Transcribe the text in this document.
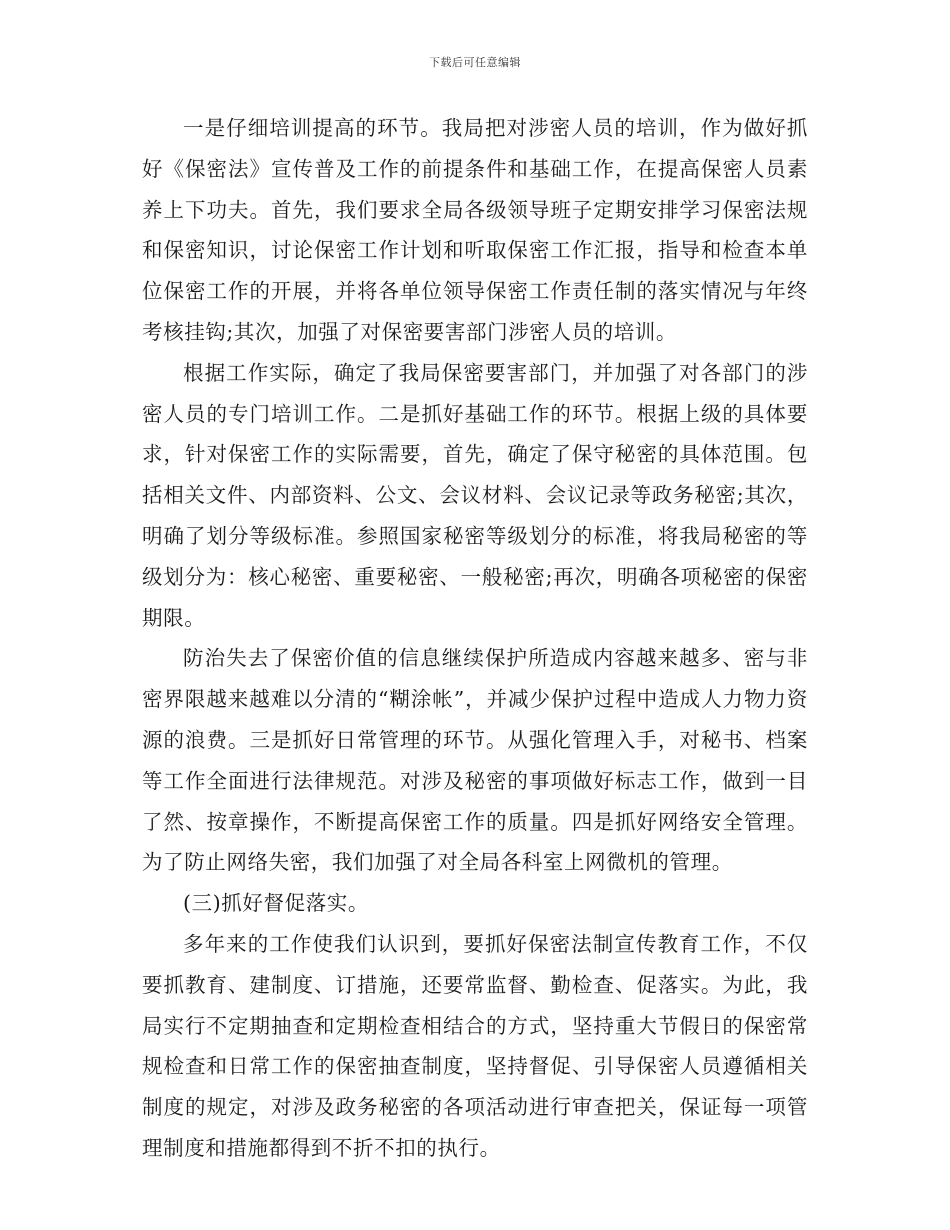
下载后可任意编辑

一是仔细培训提高的环节。我局把对涉密人员的培训，作为做好抓好《保密法》宣传普及工作的前提条件和基础工作，在提高保密人员素养上下功夫。首先，我们要求全局各级领导班子定期安排学习保密法规和保密知识，讨论保密工作计划和听取保密工作汇报，指导和检查本单位保密工作的开展，并将各单位领导保密工作责任制的落实情况与年终考核挂钩;其次，加强了对保密要害部门涉密人员的培训。

根据工作实际，确定了我局保密要害部门，并加强了对各部门的涉密人员的专门培训工作。二是抓好基础工作的环节。根据上级的具体要求，针对保密工作的实际需要，首先，确定了保守秘密的具体范围。包括相关文件、内部资料、公文、会议材料、会议记录等政务秘密;其次，明确了划分等级标准。参照国家秘密等级划分的标准，将我局秘密的等级划分为：核心秘密、重要秘密、一般秘密;再次，明确各项秘密的保密期限。

防治失去了保密价值的信息继续保护所造成内容越来越多、密与非密界限越来越难以分清的“糊涂帐”，并减少保护过程中造成人力物力资源的浪费。三是抓好日常管理的环节。从强化管理入手，对秘书、档案等工作全面进行法律规范。对涉及秘密的事项做好标志工作，做到一目了然、按章操作，不断提高保密工作的质量。四是抓好网络安全管理。为了防止网络失密，我们加强了对全局各科室上网微机的管理。

(三)抓好督促落实。

多年来的工作使我们认识到，要抓好保密法制宣传教育工作，不仅要抓教育、建制度、订措施，还要常监督、勤检查、促落实。为此，我局实行不定期抽查和定期检查相结合的方式，坚持重大节假日的保密常规检查和日常工作的保密抽查制度，坚持督促、引导保密人员遵循相关制度的规定，对涉及政务秘密的各项活动进行审查把关，保证每一项管理制度和措施都得到不折不扣的执行。
